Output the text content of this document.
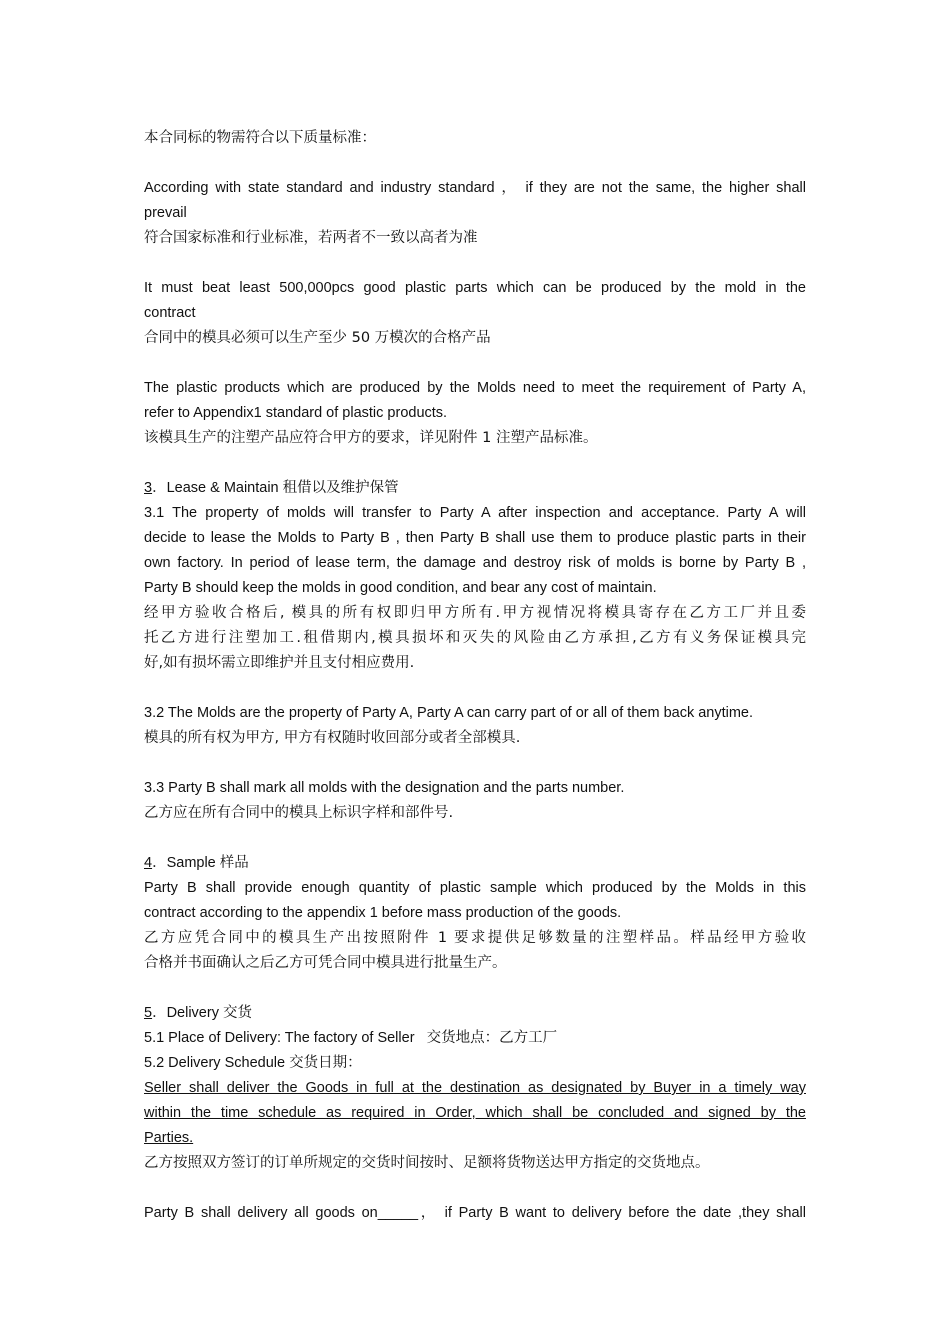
本合同标的物需符合以下质量标准：
According with state standard and industry standard ， if they are not the same, the higher shall
prevail
符合国家标准和行业标准，若两者不一致以高者为准
It must beat least 500,000pcs good plastic parts which can be produced by the mold in the
contract
合同中的模具必须可以生产至少 50 万模次的合格产品
The plastic products which are produced by the Molds need to meet the requirement of Party A,
refer to Appendix1 standard of plastic products.
该模具生产的注塑产品应符合甲方的要求，详见附件 1 注塑产品标准。
3．Lease & Maintain 租借以及维护保管
3.1 The property of molds will transfer to Party A after inspection and acceptance. Party A will
decide to lease the Molds to Party B , then Party B shall use them to produce plastic parts in their
own factory. In period of lease term, the damage and destroy risk of molds is borne by Party B ,
Party B should keep the molds in good condition, and bear any cost of maintain.
经甲方验收合格后, 模具的所有权即归甲方所有.甲方视情况将模具寄存在乙方工厂并且委
托乙方进行注塑加工.租借期内,模具损坏和灭失的风险由乙方承担,乙方有义务保证模具完
好,如有损坏需立即维护并且支付相应费用.
3.2 The Molds are the property of Party A, Party A can carry part of or all of them back anytime.
模具的所有权为甲方, 甲方有权随时收回部分或者全部模具.
3.3 Party B shall mark all molds with the designation and the parts number.
乙方应在所有合同中的模具上标识字样和部件号.
4．Sample 样品
Party B shall provide enough quantity of plastic sample which produced by the Molds in this
contract according to the appendix 1 before mass production of the goods.
乙方应凭合同中的模具生产出按照附件 1 要求提供足够数量的注塑样品。样品经甲方验收
合格并书面确认之后乙方可凭合同中模具进行批量生产。
5．Delivery 交货
5.1 Place of Delivery: The factory of Seller   交货地点：乙方工厂
5.2 Delivery Schedule 交货日期：
Seller shall deliver the Goods in full at the destination as designated by Buyer in a timely way
within the time schedule as required in Order, which shall be concluded and signed by the
Parties.
乙方按照双方签订的订单所规定的交货时间按时、足额将货物送达甲方指定的交货地点。
Party B shall delivery all goods on_____， if Party B want to delivery before the date ,they shall
